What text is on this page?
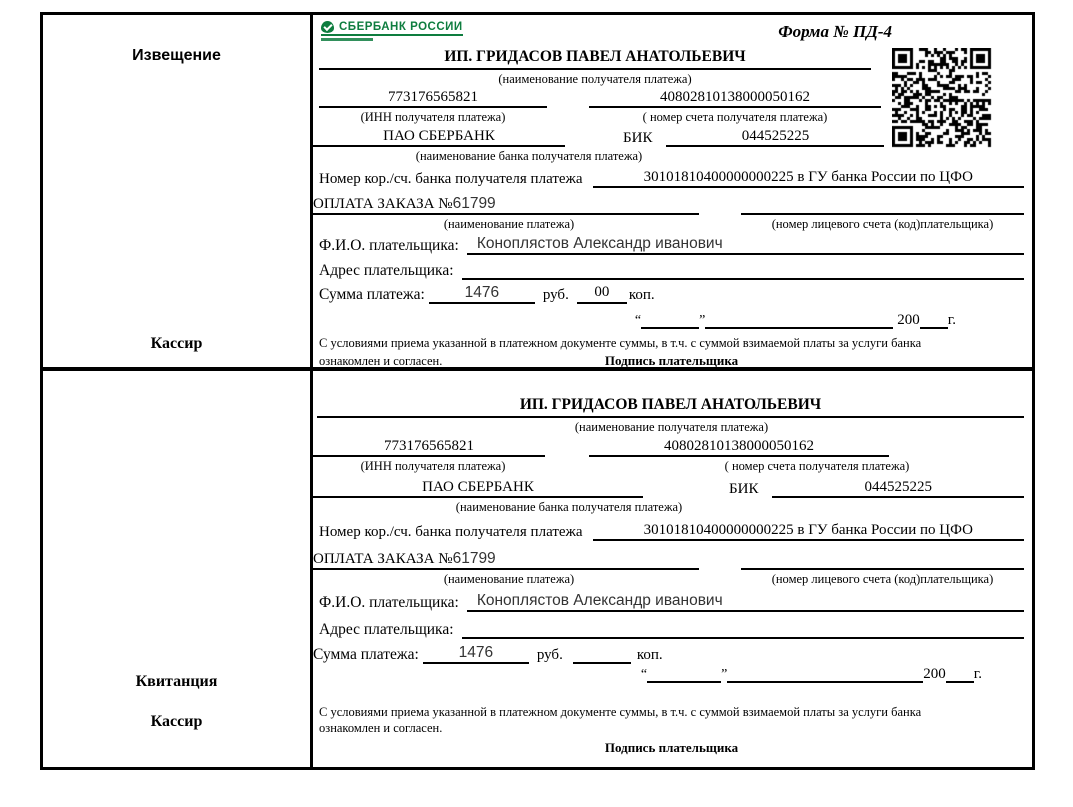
Извещение
Кассир
СБЕРБАНК РОССИИ	Форма № ПД-4
ИП. ГРИДАСОВ ПАВЕЛ АНАТОЛЬЕВИЧ
(наименование получателя платежа)
773176565821	40802810138000050162
(ИНН получателя платежа)	( номер счета получателя платежа)
ПАО СБЕРБАНК	БИК	044525225
(наименование банка получателя платежа)
Номер кор./сч. банка получателя платежа	30101810400000000225 в ГУ банка России по ЦФО
ОПЛАТА ЗАКАЗА №61799
(наименование платежа)	(номер лицевого счета (код)плательщика)
Ф.И.О. плательщика:	Коноплястов Александр иванович
Адрес плательщика:
Сумма платежа:	1476	руб.	00	коп.
“	”	200 г.
С условиями приема указанной в платежном документе суммы, в т.ч. с суммой взимаемой платы за услуги банка
ознакомлен и согласен.	Подпись плательщика
Квитанция
Кассир
ИП. ГРИДАСОВ ПАВЕЛ АНАТОЛЬЕВИЧ
(наименование получателя платежа)
773176565821	40802810138000050162
(ИНН получателя платежа)	( номер счета получателя платежа)
ПАО СБЕРБАНК	БИК	044525225
(наименование банка получателя платежа)
Номер кор./сч. банка получателя платежа	30101810400000000225 в ГУ банка России по ЦФО
ОПЛАТА ЗАКАЗА №61799
(наименование платежа)	(номер лицевого счета (код)плательщика)
Ф.И.О. плательщика:	Коноплястов Александр иванович
Адрес плательщика:
Сумма платежа:	1476	руб.	коп.
“	”	200 г.
С условиями приема указанной в платежном документе суммы, в т.ч. с суммой взимаемой платы за услуги банка
ознакомлен и согласен.
Подпись плательщика
